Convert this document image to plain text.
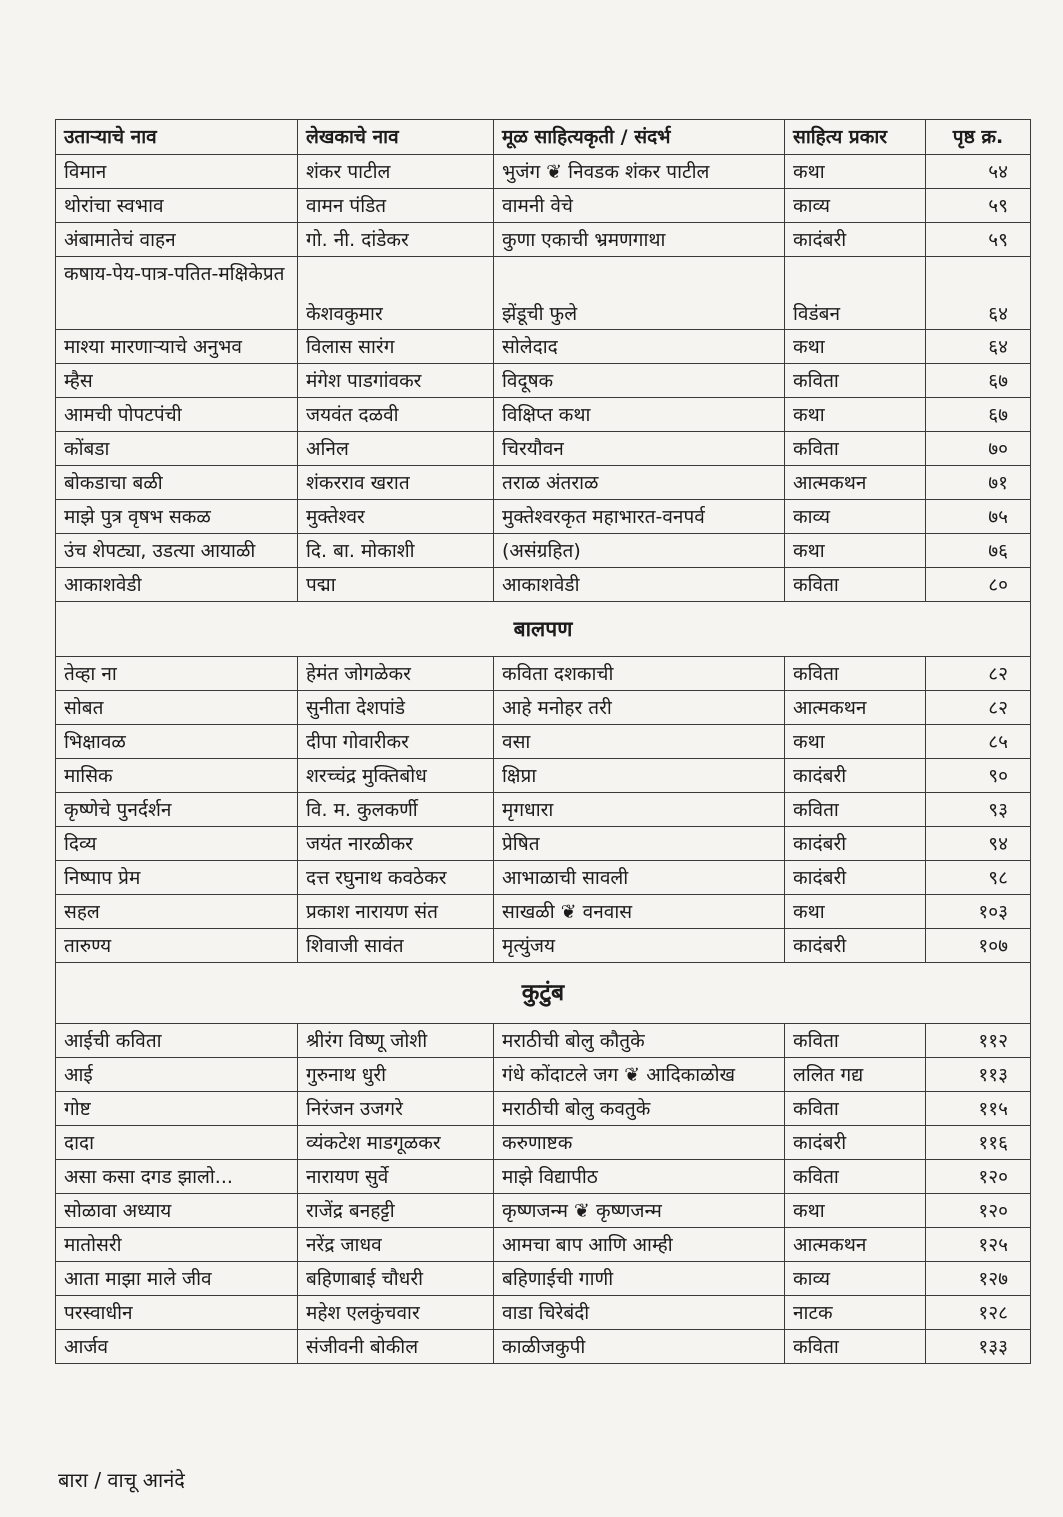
उताऱ्याचे नाव	लेखकाचे नाव	मूळ साहित्यकृती / संदर्भ	साहित्य प्रकार	पृष्ठ क्र.
विमान	शंकर पाटील	भुजंग ❦ निवडक शंकर पाटील	कथा	५४
थोरांचा स्वभाव	वामन पंडित	वामनी वेचे	काव्य	५९
अंबामातेचं वाहन	गो. नी. दांडेकर	कुणा एकाची भ्रमणगाथा	कादंबरी	५९
कषाय-पेय-पात्र-पतित-मक्षिकेप्रत	केशवकुमार	झेंडूची फुले	विडंबन	६४
माश्या मारणाऱ्याचे अनुभव	विलास सारंग	सोलेदाद	कथा	६४
म्हैस	मंगेश पाडगांवकर	विदूषक	कविता	६७
आमची पोपटपंची	जयवंत दळवी	विक्षिप्त कथा	कथा	६७
कोंबडा	अनिल	चिरयौवन	कविता	७०
बोकडाचा बळी	शंकरराव खरात	तराळ अंतराळ	आत्मकथन	७१
माझे पुत्र वृषभ सकळ	मुक्तेश्वर	मुक्तेश्वरकृत महाभारत-वनपर्व	काव्य	७५
उंच शेपट्या, उडत्या आयाळी	दि. बा. मोकाशी	(असंग्रहित)	कथा	७६
आकाशवेडी	पद्मा	आकाशवेडी	कविता	८०
बालपण				
तेव्हा ना	हेमंत जोगळेकर	कविता दशकाची	कविता	८२
सोबत	सुनीता देशपांडे	आहे मनोहर तरी	आत्मकथन	८२
भिक्षावळ	दीपा गोवारीकर	वसा	कथा	८५
मासिक	शरच्चंद्र मुक्तिबोध	क्षिप्रा	कादंबरी	९०
कृष्णेचे पुनर्दर्शन	वि. म. कुलकर्णी	मृगधारा	कविता	९३
दिव्य	जयंत नारळीकर	प्रेषित	कादंबरी	९४
निष्पाप प्रेम	दत्त रघुनाथ कवठेकर	आभाळाची सावली	कादंबरी	९८
सहल	प्रकाश नारायण संत	साखळी ❦ वनवास	कथा	१०३
तारुण्य	शिवाजी सावंत	मृत्युंजय	कादंबरी	१०७
कुटुंब				
आईची कविता	श्रीरंग विष्णू जोशी	मराठीची बोलु कौतुके	कविता	११२
आई	गुरुनाथ धुरी	गंधे कोंदाटले जग ❦ आदिकाळोख	ललित गद्य	११३
गोष्ट	निरंजन उजगरे	मराठीची बोलु कवतुके	कविता	११५
दादा	व्यंकटेश माडगूळकर	करुणाष्टक	कादंबरी	११६
असा कसा दगड झालो...	नारायण सुर्वे	माझे विद्यापीठ	कविता	१२०
सोळावा अध्याय	राजेंद्र बनहट्टी	कृष्णजन्म ❦ कृष्णजन्म	कथा	१२०
मातोसरी	नरेंद्र जाधव	आमचा बाप आणि आम्ही	आत्मकथन	१२५
आता माझा माले जीव	बहिणाबाई चौधरी	बहिणाईची गाणी	काव्य	१२७
परस्वाधीन	महेश एलकुंचवार	वाडा चिरेबंदी	नाटक	१२८
आर्जव	संजीवनी बोकील	काळीजकुपी	कविता	१३३
बारा / वाचू आनंदे
